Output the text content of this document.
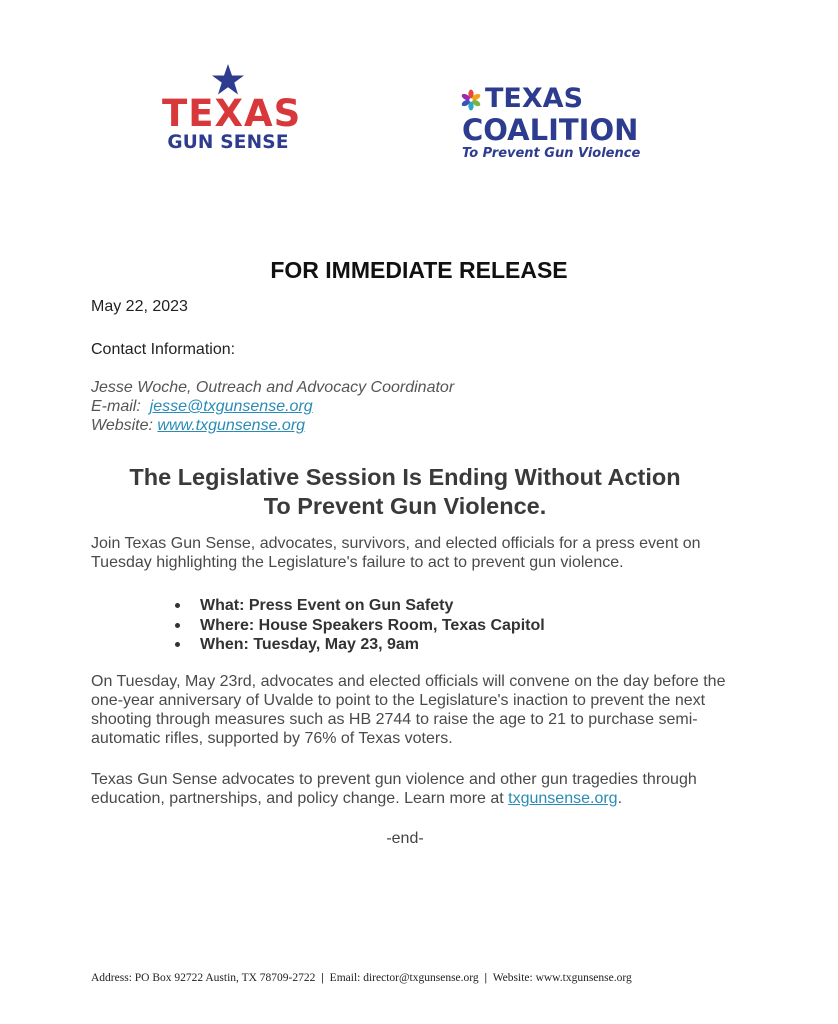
TEXAS
GUN SENSE
TEXAS
COALITION
To Prevent Gun Violence
FOR IMMEDIATE RELEASE
May 22, 2023
Contact Information:
Jesse Woche, Outreach and Advocacy Coordinator
E-mail: jesse@txgunsense.org
Website: www.txgunsense.org
The Legislative Session Is Ending Without Action
To Prevent Gun Violence.
Join Texas Gun Sense, advocates, survivors, and elected officials for a press event on Tuesday highlighting the Legislature's failure to act to prevent gun violence.
What: Press Event on Gun Safety
Where: House Speakers Room, Texas Capitol
When: Tuesday, May 23, 9am
On Tuesday, May 23rd, advocates and elected officials will convene on the day before the one-year anniversary of Uvalde to point to the Legislature's inaction to prevent the next shooting through measures such as HB 2744 to raise the age to 21 to purchase semi-automatic rifles, supported by 76% of Texas voters.
Texas Gun Sense advocates to prevent gun violence and other gun tragedies through education, partnerships, and policy change. Learn more at txgunsense.org.
-end-
Address: PO Box 92722 Austin, TX 78709-2722 | Email: director@txgunsense.org | Website: www.txgunsense.org
